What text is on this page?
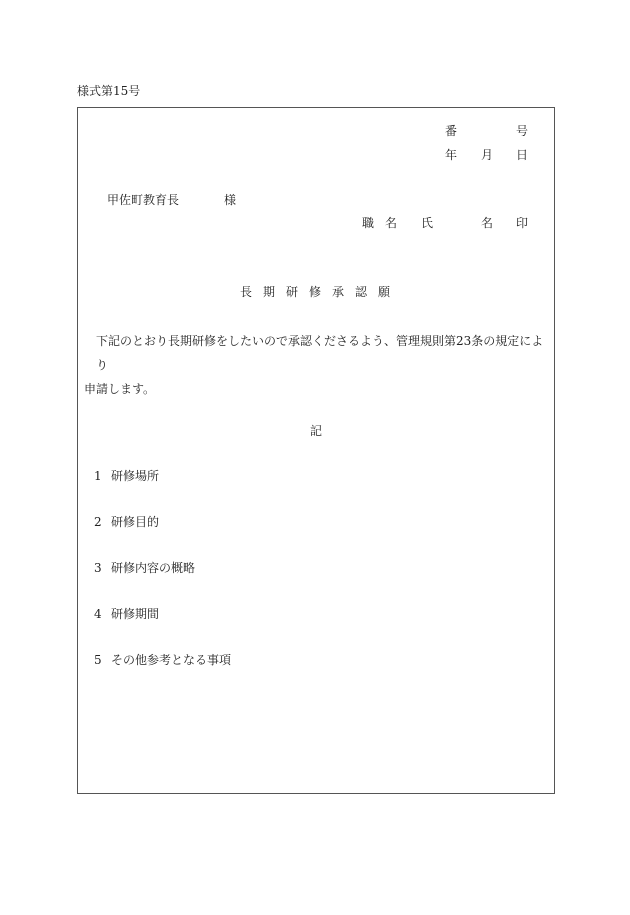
様式第15号
番	号
年 月 日
甲佐町教育長	様
職 名 氏	名 印
長期研修承認願
下記のとおり長期研修をしたいので承認くださるよう、管理規則第23条の規定により
申請します。
記
1 研修場所
2 研修目的
3 研修内容の概略
4 研修期間
5 その他参考となる事項
